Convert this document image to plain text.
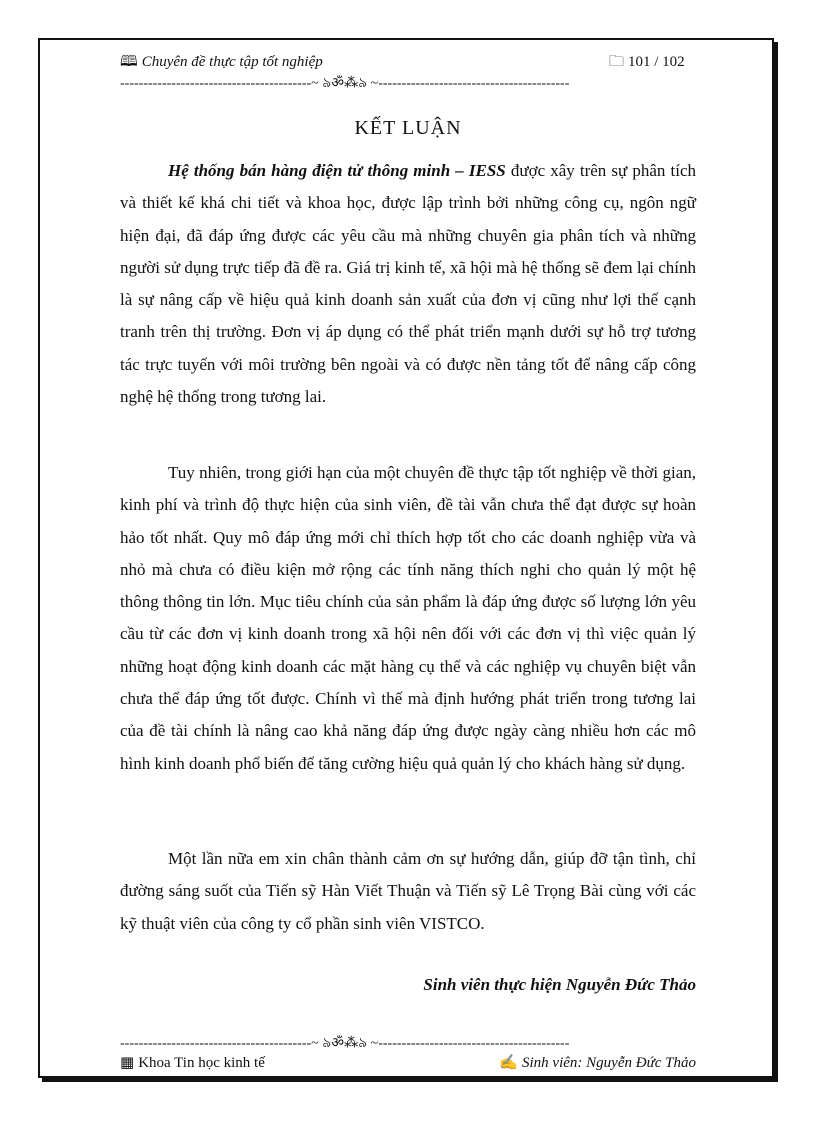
🕮 Chuyên đề thực tập tốt nghiệp	🗀 101 / 102
-----------------------------------------~ ৯ॐ⁂৯ ~-----------------------------------------
KẾT LUẬN

Hệ thống bán hàng điện tử thông minh – IESS được xây trên sự phân tích và thiết kế khá chi tiết và khoa học, được lập trình bởi những công cụ, ngôn ngữ hiện đại, đã đáp ứng được các yêu cầu mà những chuyên gia phân tích và những người sử dụng trực tiếp đã đề ra. Giá trị kinh tế, xã hội mà hệ thống sẽ đem lại chính là sự nâng cấp về hiệu quả kinh doanh sản xuất của đơn vị cũng như lợi thế cạnh tranh trên thị trường. Đơn vị áp dụng có thể phát triển mạnh dưới sự hỗ trợ tương tác trực tuyến với môi trường bên ngoài và có được nền tảng tốt để nâng cấp công nghệ hệ thống trong tương lai.

Tuy nhiên, trong giới hạn của một chuyên đề thực tập tốt nghiệp về thời gian, kinh phí và trình độ thực hiện của sinh viên, đề tài vẫn chưa thể đạt được sự hoàn hảo tốt nhất. Quy mô đáp ứng mới chỉ thích hợp tốt cho các doanh nghiệp vừa và nhỏ mà chưa có điều kiện mở rộng các tính năng thích nghi cho quản lý một hệ thông thông tin lớn. Mục tiêu chính của sản phẩm là đáp ứng được số lượng lớn yêu cầu từ các đơn vị kinh doanh trong xã hội nên đối với các đơn vị thì việc quản lý những hoạt động kinh doanh các mặt hàng cụ thể và các nghiệp vụ chuyên biệt vẫn chưa thể đáp ứng tốt được. Chính vì thế mà định hướng phát triển trong tương lai của đề tài chính là nâng cao khả năng đáp ứng được ngày càng nhiều hơn các mô hình kinh doanh phổ biến để tăng cường hiệu quả quản lý cho khách hàng sử dụng.

Một lần nữa em xin chân thành cảm ơn sự hướng dẫn, giúp đỡ tận tình, chỉ đường sáng suốt của Tiến sỹ Hàn Viết Thuận và Tiến sỹ Lê Trọng Bài cùng với các kỹ thuật viên của công ty cổ phần sinh viên VISTCO.

Sinh viên thực hiện Nguyễn Đức Thảo
-----------------------------------------~ ৯ॐ⁂৯ ~-----------------------------------------
▦ Khoa Tin học kinh tế	✍ Sinh viên: Nguyễn Đức Thảo
